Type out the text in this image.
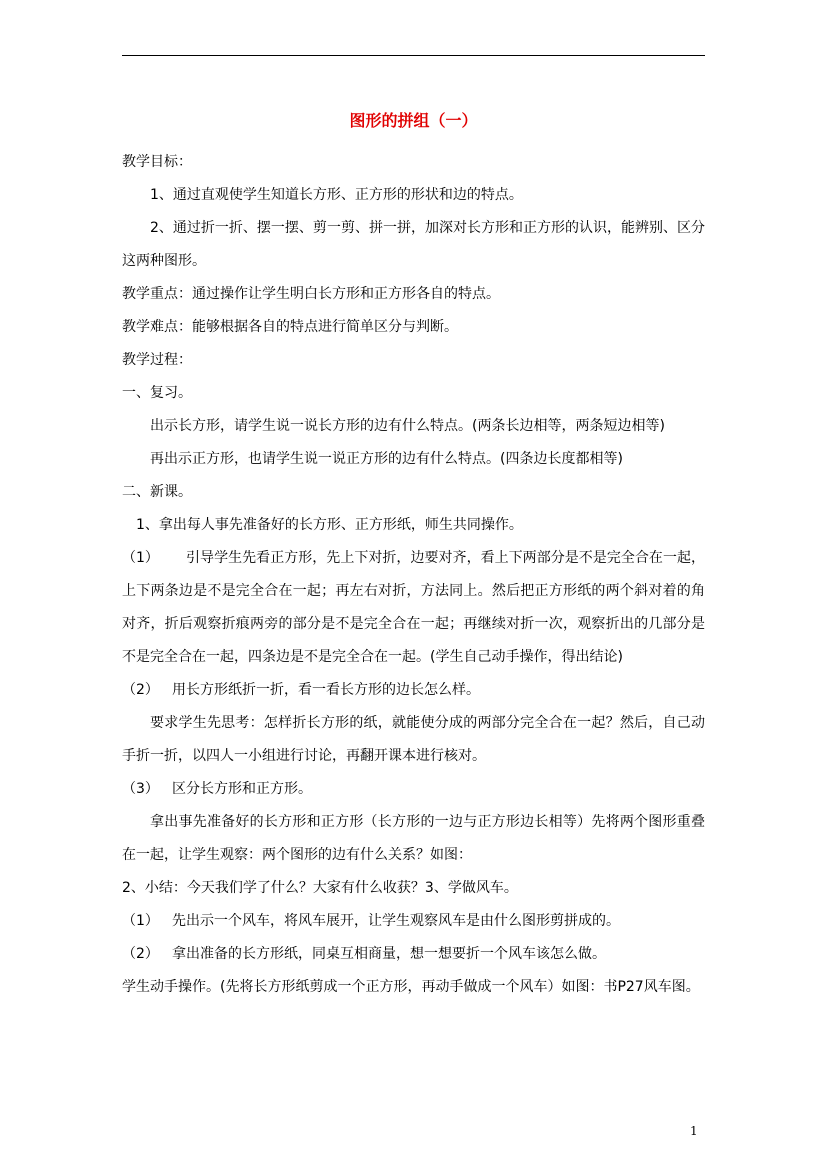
图形的拼组（一）

教学目标：

1、通过直观使学生知道长方形、正方形的形状和边的特点。

2、通过折一折、摆一摆、剪一剪、拼一拼，加深对长方形和正方形的认识，能辨别、区分这两种图形。

教学重点：通过操作让学生明白长方形和正方形各自的特点。

教学难点：能够根据各自的特点进行简单区分与判断。

教学过程：

一、复习。

出示长方形，请学生说一说长方形的边有什么特点。(两条长边相等，两条短边相等)

再出示正方形，也请学生说一说正方形的边有什么特点。(四条边长度都相等)

二、新课。

1、拿出每人事先准备好的长方形、正方形纸，师生共同操作。

（1） 引导学生先看正方形，先上下对折，边要对齐，看上下两部分是不是完全合在一起，上下两条边是不是完全合在一起；再左右对折，方法同上。然后把正方形纸的两个斜对着的角对齐，折后观察折痕两旁的部分是不是完全合在一起；再继续对折一次，观察折出的几部分是不是完全合在一起，四条边是不是完全合在一起。(学生自己动手操作，得出结论)

（2） 用长方形纸折一折，看一看长方形的边长怎么样。

要求学生先思考：怎样折长方形的纸，就能使分成的两部分完全合在一起？然后，自己动手折一折，以四人一小组进行讨论，再翻开课本进行核对。

（3） 区分长方形和正方形。

拿出事先准备好的长方形和正方形（长方形的一边与正方形边长相等）先将两个图形重叠在一起，让学生观察：两个图形的边有什么关系？如图：

2、小结：今天我们学了什么？大家有什么收获？3、学做风车。

（1） 先出示一个风车，将风车展开，让学生观察风车是由什么图形剪拼成的。

（2） 拿出准备的长方形纸，同桌互相商量，想一想要折一个风车该怎么做。

学生动手操作。(先将长方形纸剪成一个正方形，再动手做成一个风车）如图：书P27风车图。

1
